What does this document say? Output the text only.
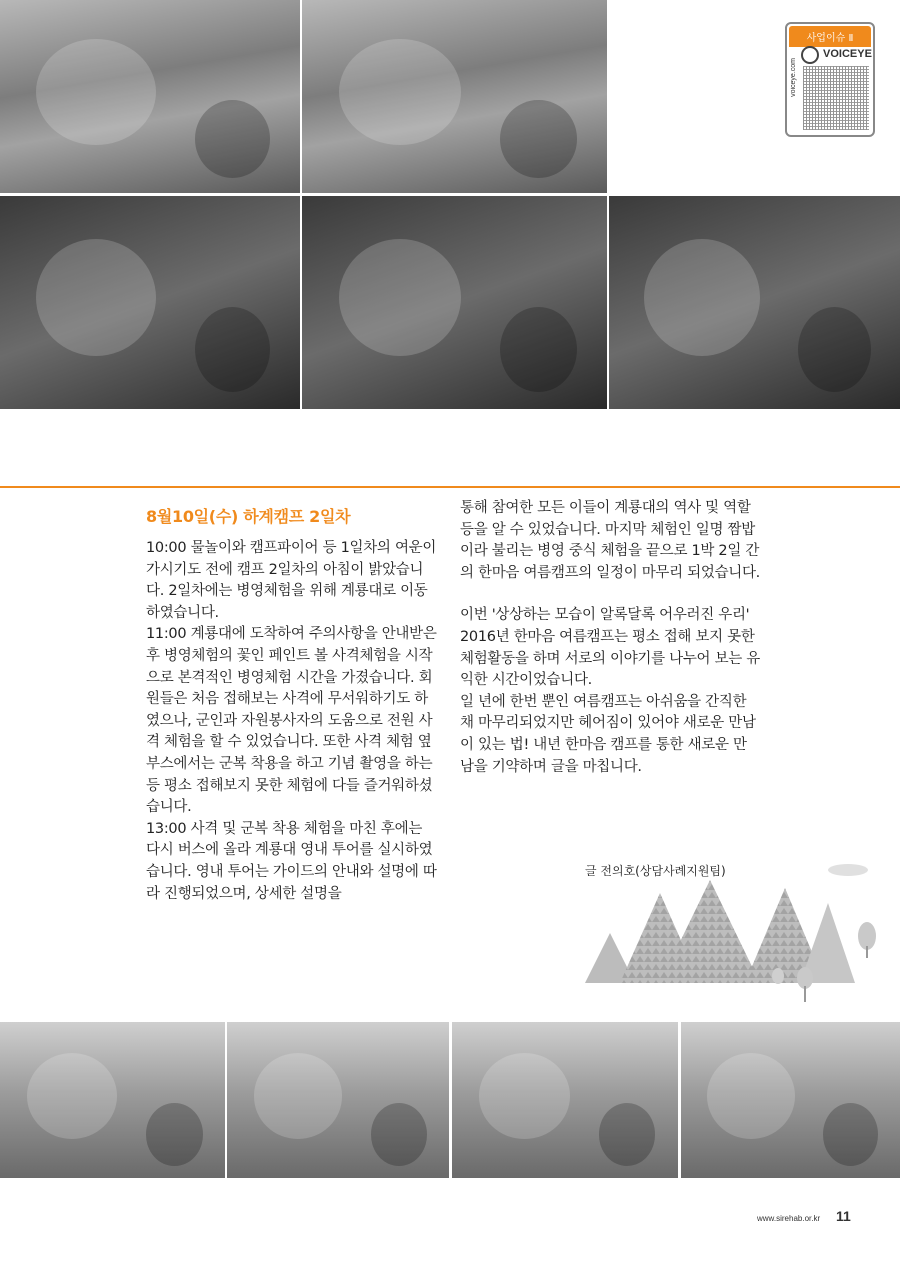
사업이슈 Ⅱ
VOICEYE
voiceye.com

8월10일(수) 하계캠프 2일차

10:00 물놀이와 캠프파이어 등 1일차의 여운이 가시기도 전에 캠프 2일차의 아침이 밝았습니다. 2일차에는 병영체험을 위해 계룡대로 이동하였습니다.

11:00 계룡대에 도착하여 주의사항을 안내받은 후 병영체험의 꽃인 페인트 볼 사격체험을 시작으로 본격적인 병영체험 시간을 가졌습니다. 회원들은 처음 접해보는 사격에 무서워하기도 하였으나, 군인과 자원봉사자의 도움으로 전원 사격 체험을 할 수 있었습니다. 또한 사격 체험 옆 부스에서는 군복 착용을 하고 기념 촬영을 하는 등 평소 접해보지 못한 체험에 다들 즐거워하셨습니다.

13:00 사격 및 군복 착용 체험을 마친 후에는 다시 버스에 올라 계룡대 영내 투어를 실시하였습니다. 영내 투어는 가이드의 안내와 설명에 따라 진행되었으며, 상세한 설명을

통해 참여한 모든 이들이 계룡대의 역사 및 역할 등을 알 수 있었습니다. 마지막 체험인 일명 짬밥이라 불리는 병영 중식 체험을 끝으로 1박 2일 간의 한마음 여름캠프의 일정이 마무리 되었습니다.

이번 '상상하는 모습이 알록달록 어우러진 우리' 2016년 한마음 여름캠프는 평소 접해 보지 못한 체험활동을 하며 서로의 이야기를 나누어 보는 유익한 시간이었습니다.

일 년에 한번 뿐인 여름캠프는 아쉬움을 간직한 채 마무리되었지만 헤어짐이 있어야 새로운 만남이 있는 법! 내년 한마음 캠프를 통한 새로운 만남을 기약하며 글을 마칩니다.

글 전의호(상담사례지원팀)
www.sirehab.or.kr 11
